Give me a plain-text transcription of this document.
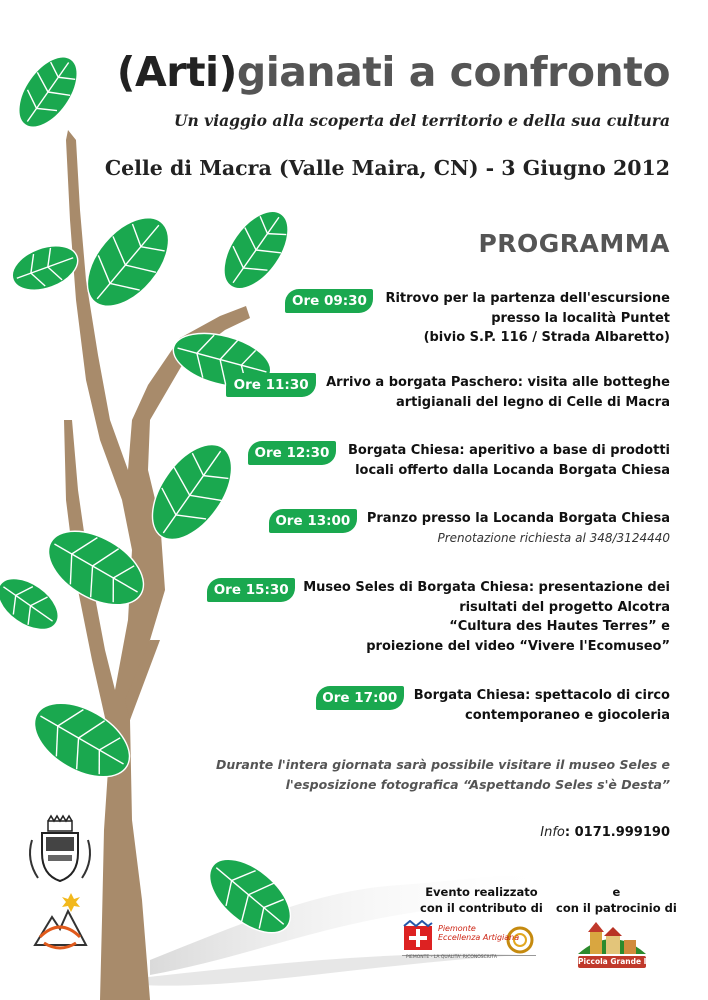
(Arti)gianati a confronto
Un viaggio alla scoperta del territorio e della sua cultura
Celle di Macra (Valle Maira, CN) - 3 Giugno 2012
PROGRAMMA
Ore 09:30	Ritrovo per la partenza dell'escursione
presso la località Puntet
(bivio S.P. 116 / Strada Albaretto)
Ore 11:30	Arrivo a borgata Paschero: visita alle botteghe
artigianali del legno di Celle di Macra
Ore 12:30	Borgata Chiesa: aperitivo a base di prodotti
locali offerto dalla Locanda Borgata Chiesa
Ore 13:00	Pranzo presso la Locanda Borgata Chiesa
Prenotazione richiesta al 348/3124440
Ore 15:30	Museo Seles di Borgata Chiesa: presentazione dei
risultati del progetto Alcotra
“Cultura des Hautes Terres” e
proiezione del video “Vivere l'Ecomuseo”
Ore 17:00	Borgata Chiesa: spettacolo di circo
contemporaneo e giocoleria
Durante l'intera giornata sarà possibile visitare il museo Seles e
l'esposizione fotografica “Aspettando Seles s'è Desta”
Info: 0171.999190
Evento realizzato
con il contributo di
e
con il patrocinio di
Piemonte
Eccellenza Artigiana
PIEMONTE - LA QUALITA' RICONOSCIUTA	Piccola Grande Italia
